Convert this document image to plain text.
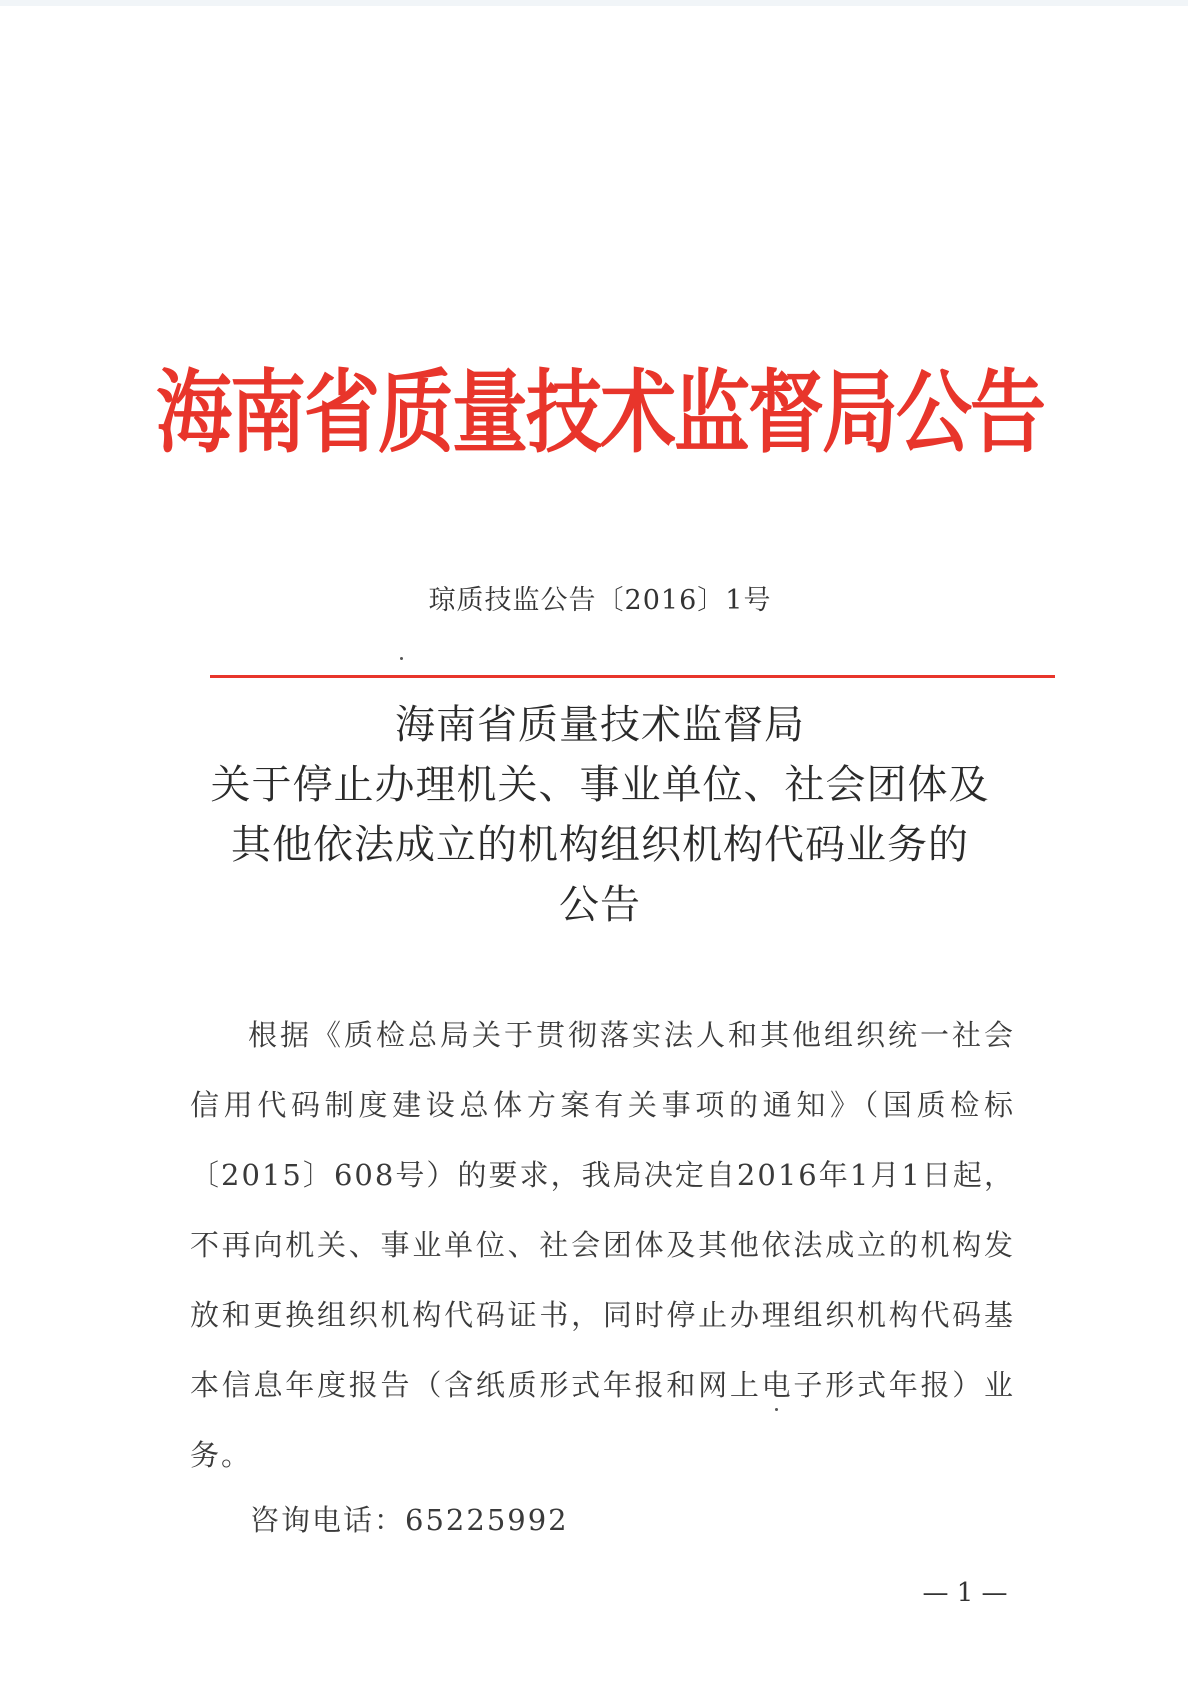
海南省质量技术监督局公告
琼质技监公告〔2016〕1号
海南省质量技术监督局
关于停止办理机关、事业单位、社会团体及
其他依法成立的机构组织机构代码业务的
公告

根据《质检总局关于贯彻落实法人和其他组织统一社会信用代码制度建设总体方案有关事项的通知》（国质检标〔2015〕608号）的要求，我局决定自2016年1月1日起，不再向机关、事业单位、社会团体及其他依法成立的机构发放和更换组织机构代码证书，同时停止办理组织机构代码基本信息年度报告（含纸质形式年报和网上电子形式年报）业务。

咨询电话：65225992
— 1 —
